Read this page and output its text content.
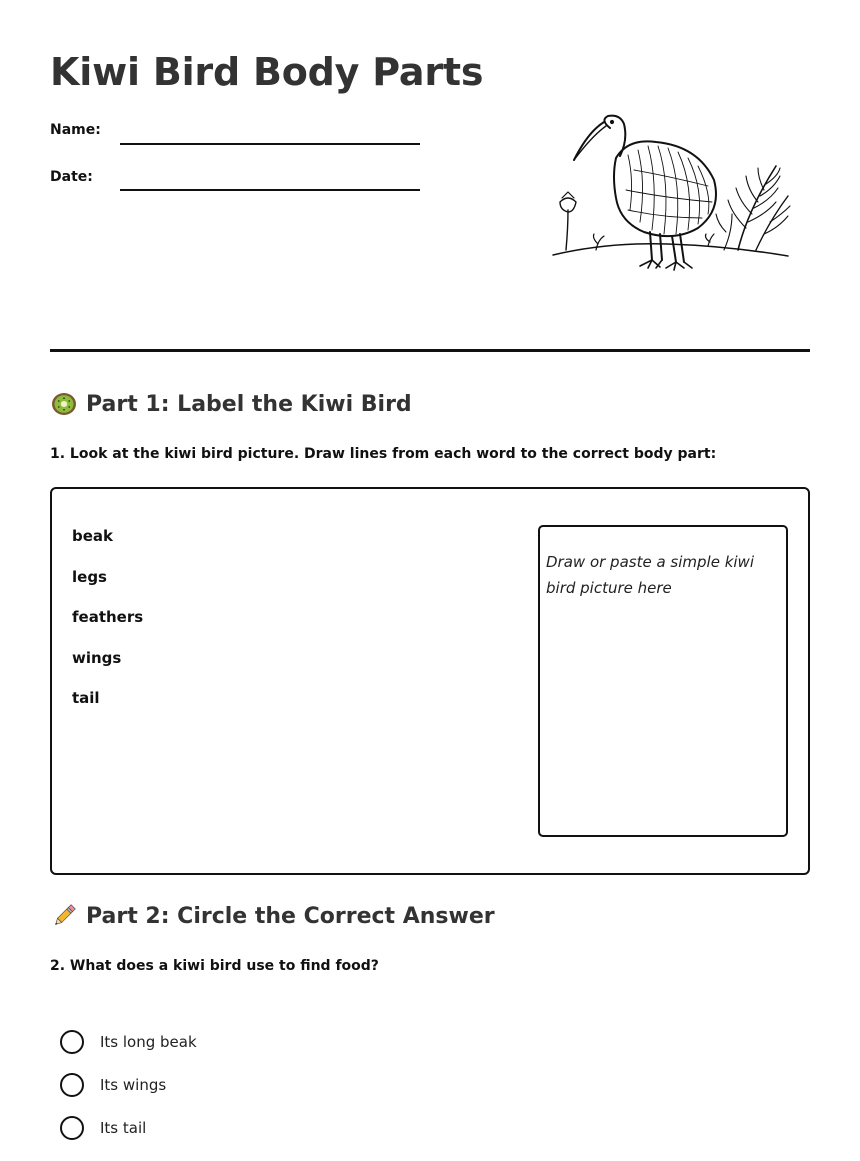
Kiwi Bird Body Parts
Name:
Date:
Part 1: Label the Kiwi Bird

1. Look at the kiwi bird picture. Draw lines from each word to the correct body part:

beak
legs
feathers
wings
tail
Draw or paste a simple kiwi bird picture here
Part 2: Circle the Correct Answer

2. What does a kiwi bird use to find food?

Its long beak
Its wings
Its tail
